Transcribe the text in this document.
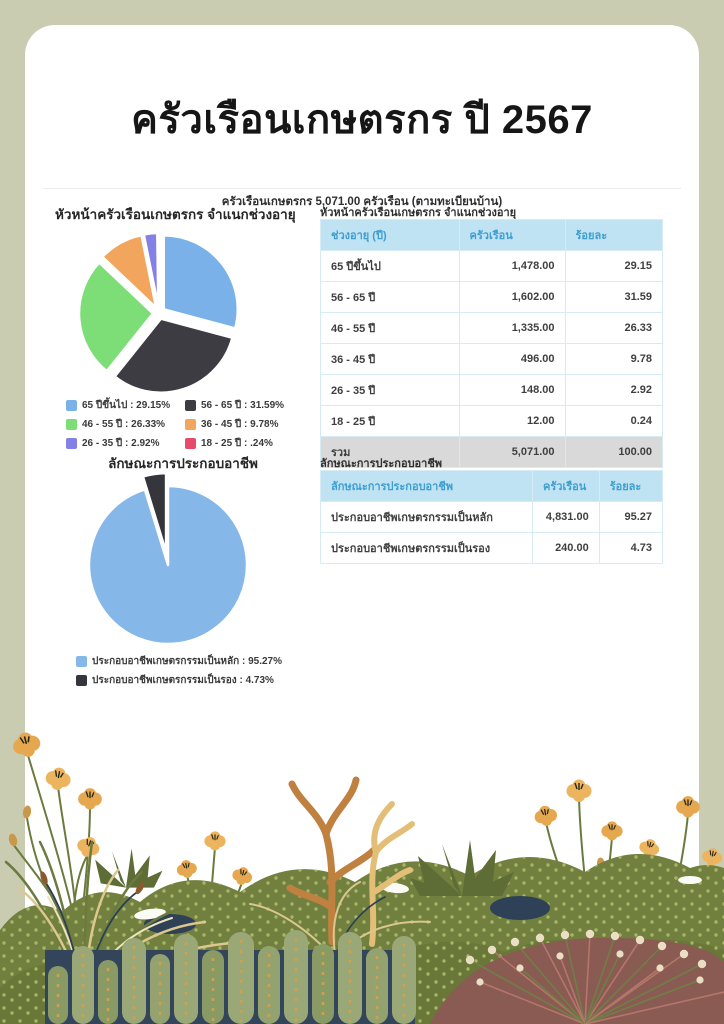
ครัวเรือนเกษตรกร ปี 2567
ครัวเรือนเกษตรกร 5,071.00 ครัวเรือน (ตามทะเบียนบ้าน)
หัวหน้าครัวเรือนเกษตรกร จำแนกช่วงอายุ
65 ปีขึ้นไป : 29.15%	56 - 65 ปี : 31.59%
46 - 55 ปี : 26.33%	36 - 45 ปี : 9.78%
26 - 35 ปี : 2.92%	18 - 25 ปี : .24%
ลักษณะการประกอบอาชีพ
ประกอบอาชีพเกษตรกรรมเป็นหลัก : 95.27%
ประกอบอาชีพเกษตรกรรมเป็นรอง : 4.73%
หัวหน้าครัวเรือนเกษตรกร จำแนกช่วงอายุ
ช่วงอายุ (ปี)	ครัวเรือน	ร้อยละ
65 ปีขึ้นไป	1,478.00	29.15
56 - 65 ปี	1,602.00	31.59
46 - 55 ปี	1,335.00	26.33
36 - 45 ปี	496.00	9.78
26 - 35 ปี	148.00	2.92
18 - 25 ปี	12.00	0.24
รวม	5,071.00	100.00
ลักษณะการประกอบอาชีพ
ลักษณะการประกอบอาชีพ	ครัวเรือน	ร้อยละ
ประกอบอาชีพเกษตรกรรมเป็นหลัก	4,831.00	95.27
ประกอบอาชีพเกษตรกรรมเป็นรอง	240.00	4.73
